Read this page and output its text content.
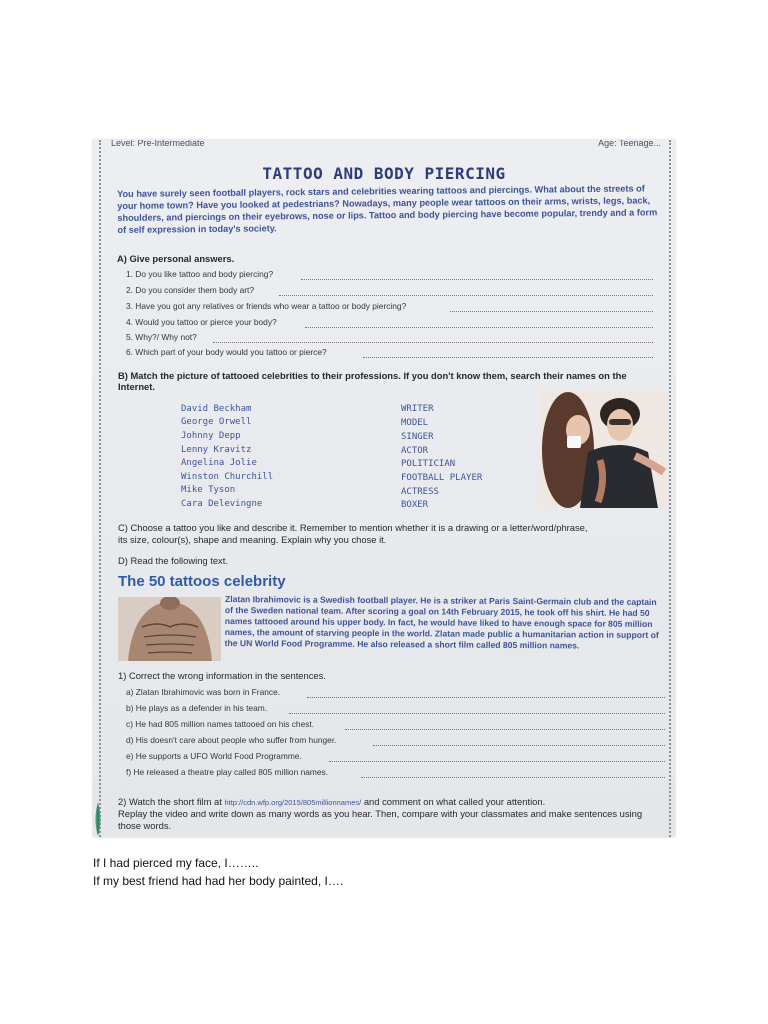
Level: Pre-Intermediate	Age: Teenage...
TATTOO AND BODY PIERCING
You have surely seen football players, rock stars and celebrities wearing tattoos and piercings. What about the streets of your home town? Have you looked at pedestrians? Nowadays, many people wear tattoos on their arms, wrists, legs, back, shoulders, and piercings on their eyebrows, nose or lips. Tattoo and body piercing have become popular, trendy and a form of self expression in today's society.
A) Give personal answers.
1. Do you like tattoo and body piercing?
2. Do you consider them body art?
3. Have you got any relatives or friends who wear a tattoo or body piercing?
4. Would you tattoo or pierce your body?
5. Why?/ Why not?
6. Which part of your body would you tattoo or pierce?
B) Match the picture of tattooed celebrities to their professions. If you don't know them, search their names on the Internet.
David Beckham
George Orwell
Johnny Depp
Lenny Kravitz
Angelina Jolie
Winston Churchill
Mike Tyson
Cara Delevingne
WRITER
MODEL
SINGER
ACTOR
POLITICIAN
FOOTBALL PLAYER
ACTRESS
BOXER
C) Choose a tattoo you like and describe it. Remember to mention whether it is a drawing or a letter/word/phrase, its size, colour(s), shape and meaning. Explain why you chose it.
D) Read the following text.
The 50 tattoos celebrity
Zlatan Ibrahimovic is a Swedish football player. He is a striker at Paris Saint-Germain club and the captain of the Sweden national team. After scoring a goal on 14th February 2015, he took off his shirt. He had 50 names tattooed around his upper body. In fact, he would have liked to have enough space for 805 million names, the amount of starving people in the world. Zlatan made public a humanitarian action in support of the UN World Food Programme. He also released a short film called 805 million names.
1) Correct the wrong information in the sentences.
a) Zlatan Ibrahimovic was born in France.
b) He plays as a defender in his team.
c) He had 805 million names tattooed on his chest.
d) His doesn't care about people who suffer from hunger.
e) He supports a UFO World Food Programme.
f) He released a theatre play called 805 million names.
2) Watch the short film at http://cdn.wfp.org/2015/805millionnames/ and comment on what called your attention.
Replay the video and write down as many words as you hear. Then, compare with your classmates and make sentences using those words.
If I had pierced my face, I……..
If my best friend had had her body painted, I….
